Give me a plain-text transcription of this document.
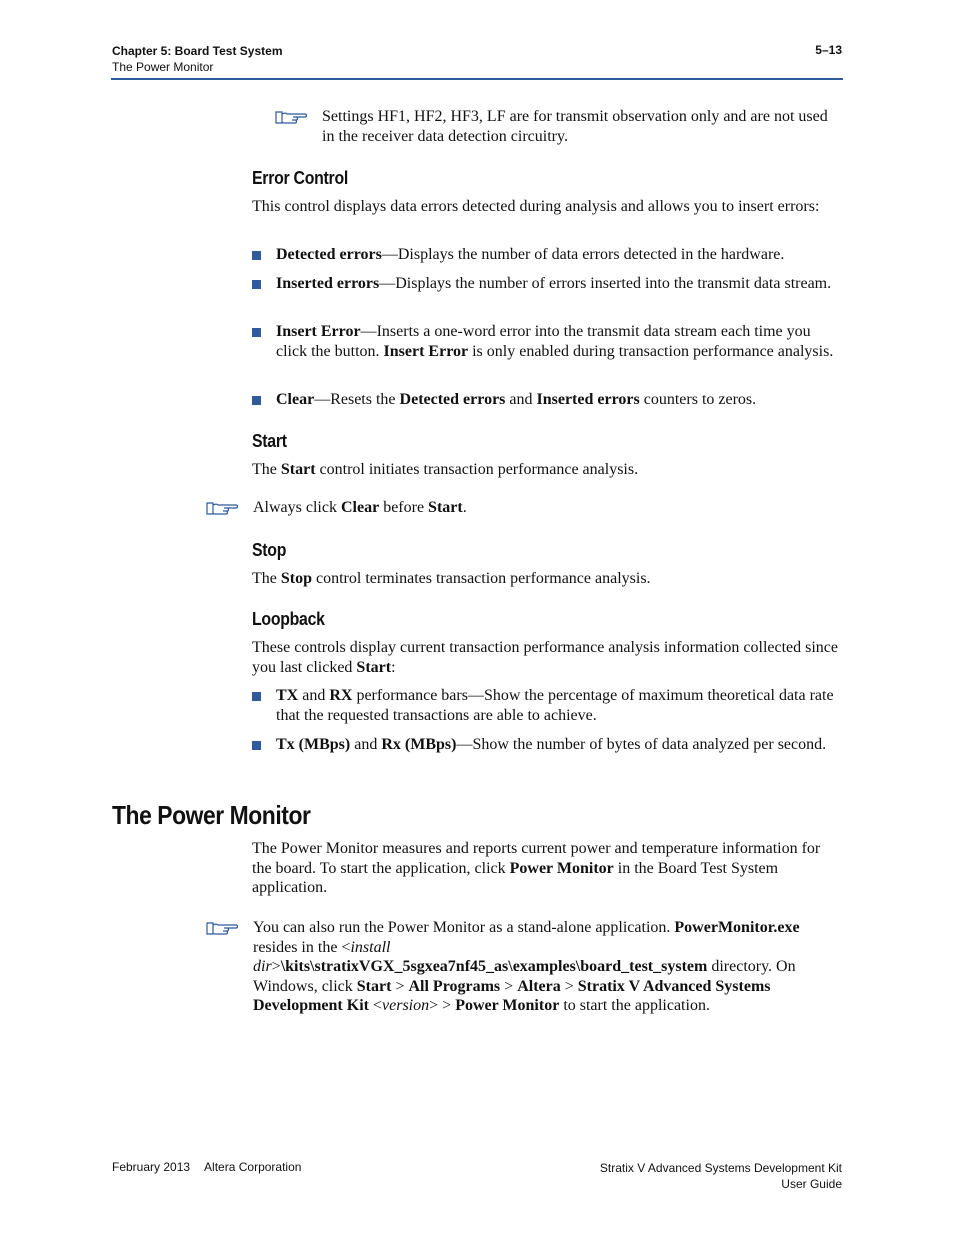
Chapter 5: Board Test System
The Power Monitor
5–13
Settings HF1, HF2, HF3, LF are for transmit observation only and are not used in the receiver data detection circuitry.
Error Control
This control displays data errors detected during analysis and allows you to insert errors:
Detected errors—Displays the number of data errors detected in the hardware.
Inserted errors—Displays the number of errors inserted into the transmit data stream.
Insert Error—Inserts a one-word error into the transmit data stream each time you click the button. Insert Error is only enabled during transaction performance analysis.
Clear—Resets the Detected errors and Inserted errors counters to zeros.
Start
The Start control initiates transaction performance analysis.
Always click Clear before Start.
Stop
The Stop control terminates transaction performance analysis.
Loopback
These controls display current transaction performance analysis information collected since you last clicked Start:
TX and RX performance bars—Show the percentage of maximum theoretical data rate that the requested transactions are able to achieve.
Tx (MBps) and Rx (MBps)—Show the number of bytes of data analyzed per second.
The Power Monitor
The Power Monitor measures and reports current power and temperature information for the board. To start the application, click Power Monitor in the Board Test System application.
You can also run the Power Monitor as a stand-alone application. PowerMonitor.exe resides in the <install dir>\kits\stratixVGX_5sgxea7nf45_as\examples\board_test_system directory. On Windows, click Start > All Programs > Altera > Stratix V Advanced Systems Development Kit <version> > Power Monitor to start the application.
February 2013 Altera Corporation	Stratix V Advanced Systems Development Kit
User Guide
